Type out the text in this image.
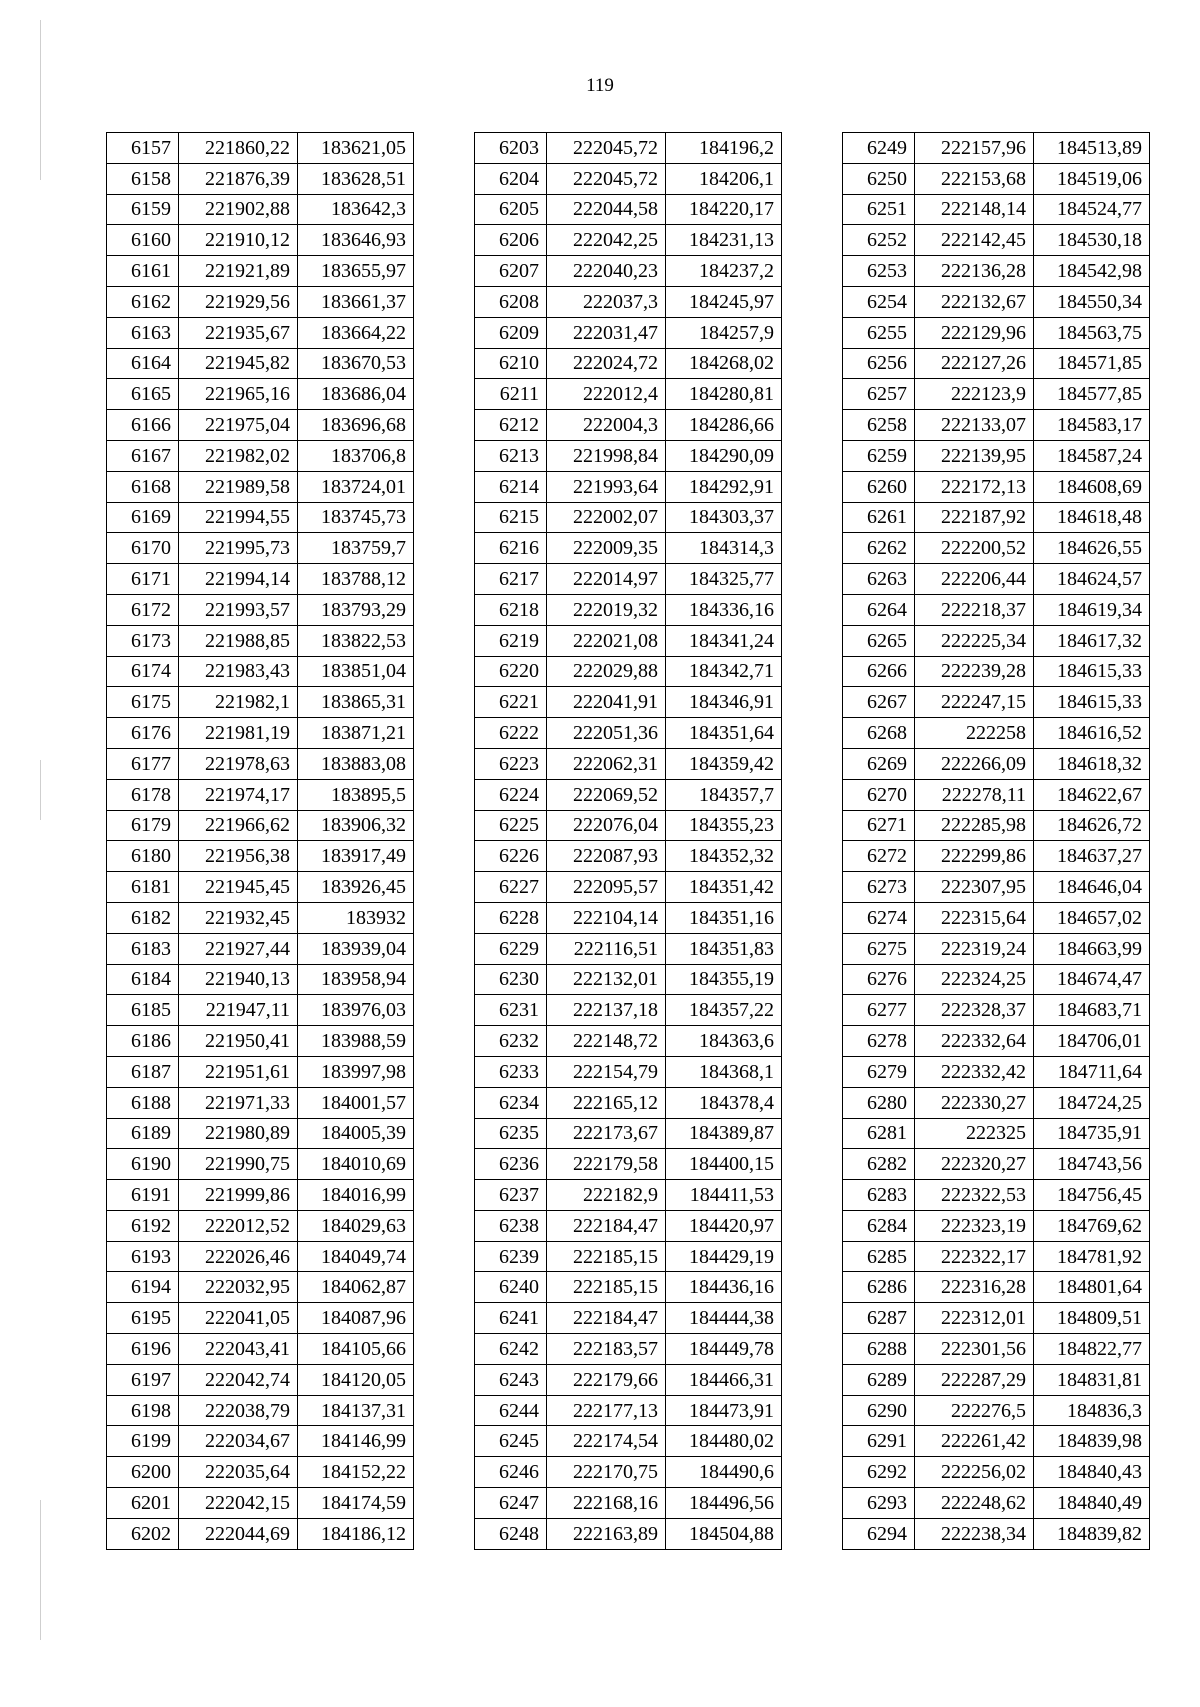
119
6157	221860,22	183621,05
6158	221876,39	183628,51
6159	221902,88	183642,3
6160	221910,12	183646,93
6161	221921,89	183655,97
6162	221929,56	183661,37
6163	221935,67	183664,22
6164	221945,82	183670,53
6165	221965,16	183686,04
6166	221975,04	183696,68
6167	221982,02	183706,8
6168	221989,58	183724,01
6169	221994,55	183745,73
6170	221995,73	183759,7
6171	221994,14	183788,12
6172	221993,57	183793,29
6173	221988,85	183822,53
6174	221983,43	183851,04
6175	221982,1	183865,31
6176	221981,19	183871,21
6177	221978,63	183883,08
6178	221974,17	183895,5
6179	221966,62	183906,32
6180	221956,38	183917,49
6181	221945,45	183926,45
6182	221932,45	183932
6183	221927,44	183939,04
6184	221940,13	183958,94
6185	221947,11	183976,03
6186	221950,41	183988,59
6187	221951,61	183997,98
6188	221971,33	184001,57
6189	221980,89	184005,39
6190	221990,75	184010,69
6191	221999,86	184016,99
6192	222012,52	184029,63
6193	222026,46	184049,74
6194	222032,95	184062,87
6195	222041,05	184087,96
6196	222043,41	184105,66
6197	222042,74	184120,05
6198	222038,79	184137,31
6199	222034,67	184146,99
6200	222035,64	184152,22
6201	222042,15	184174,59
6202	222044,69	184186,12
6203	222045,72	184196,2
6204	222045,72	184206,1
6205	222044,58	184220,17
6206	222042,25	184231,13
6207	222040,23	184237,2
6208	222037,3	184245,97
6209	222031,47	184257,9
6210	222024,72	184268,02
6211	222012,4	184280,81
6212	222004,3	184286,66
6213	221998,84	184290,09
6214	221993,64	184292,91
6215	222002,07	184303,37
6216	222009,35	184314,3
6217	222014,97	184325,77
6218	222019,32	184336,16
6219	222021,08	184341,24
6220	222029,88	184342,71
6221	222041,91	184346,91
6222	222051,36	184351,64
6223	222062,31	184359,42
6224	222069,52	184357,7
6225	222076,04	184355,23
6226	222087,93	184352,32
6227	222095,57	184351,42
6228	222104,14	184351,16
6229	222116,51	184351,83
6230	222132,01	184355,19
6231	222137,18	184357,22
6232	222148,72	184363,6
6233	222154,79	184368,1
6234	222165,12	184378,4
6235	222173,67	184389,87
6236	222179,58	184400,15
6237	222182,9	184411,53
6238	222184,47	184420,97
6239	222185,15	184429,19
6240	222185,15	184436,16
6241	222184,47	184444,38
6242	222183,57	184449,78
6243	222179,66	184466,31
6244	222177,13	184473,91
6245	222174,54	184480,02
6246	222170,75	184490,6
6247	222168,16	184496,56
6248	222163,89	184504,88
6249	222157,96	184513,89
6250	222153,68	184519,06
6251	222148,14	184524,77
6252	222142,45	184530,18
6253	222136,28	184542,98
6254	222132,67	184550,34
6255	222129,96	184563,75
6256	222127,26	184571,85
6257	222123,9	184577,85
6258	222133,07	184583,17
6259	222139,95	184587,24
6260	222172,13	184608,69
6261	222187,92	184618,48
6262	222200,52	184626,55
6263	222206,44	184624,57
6264	222218,37	184619,34
6265	222225,34	184617,32
6266	222239,28	184615,33
6267	222247,15	184615,33
6268	222258	184616,52
6269	222266,09	184618,32
6270	222278,11	184622,67
6271	222285,98	184626,72
6272	222299,86	184637,27
6273	222307,95	184646,04
6274	222315,64	184657,02
6275	222319,24	184663,99
6276	222324,25	184674,47
6277	222328,37	184683,71
6278	222332,64	184706,01
6279	222332,42	184711,64
6280	222330,27	184724,25
6281	222325	184735,91
6282	222320,27	184743,56
6283	222322,53	184756,45
6284	222323,19	184769,62
6285	222322,17	184781,92
6286	222316,28	184801,64
6287	222312,01	184809,51
6288	222301,56	184822,77
6289	222287,29	184831,81
6290	222276,5	184836,3
6291	222261,42	184839,98
6292	222256,02	184840,43
6293	222248,62	184840,49
6294	222238,34	184839,82
